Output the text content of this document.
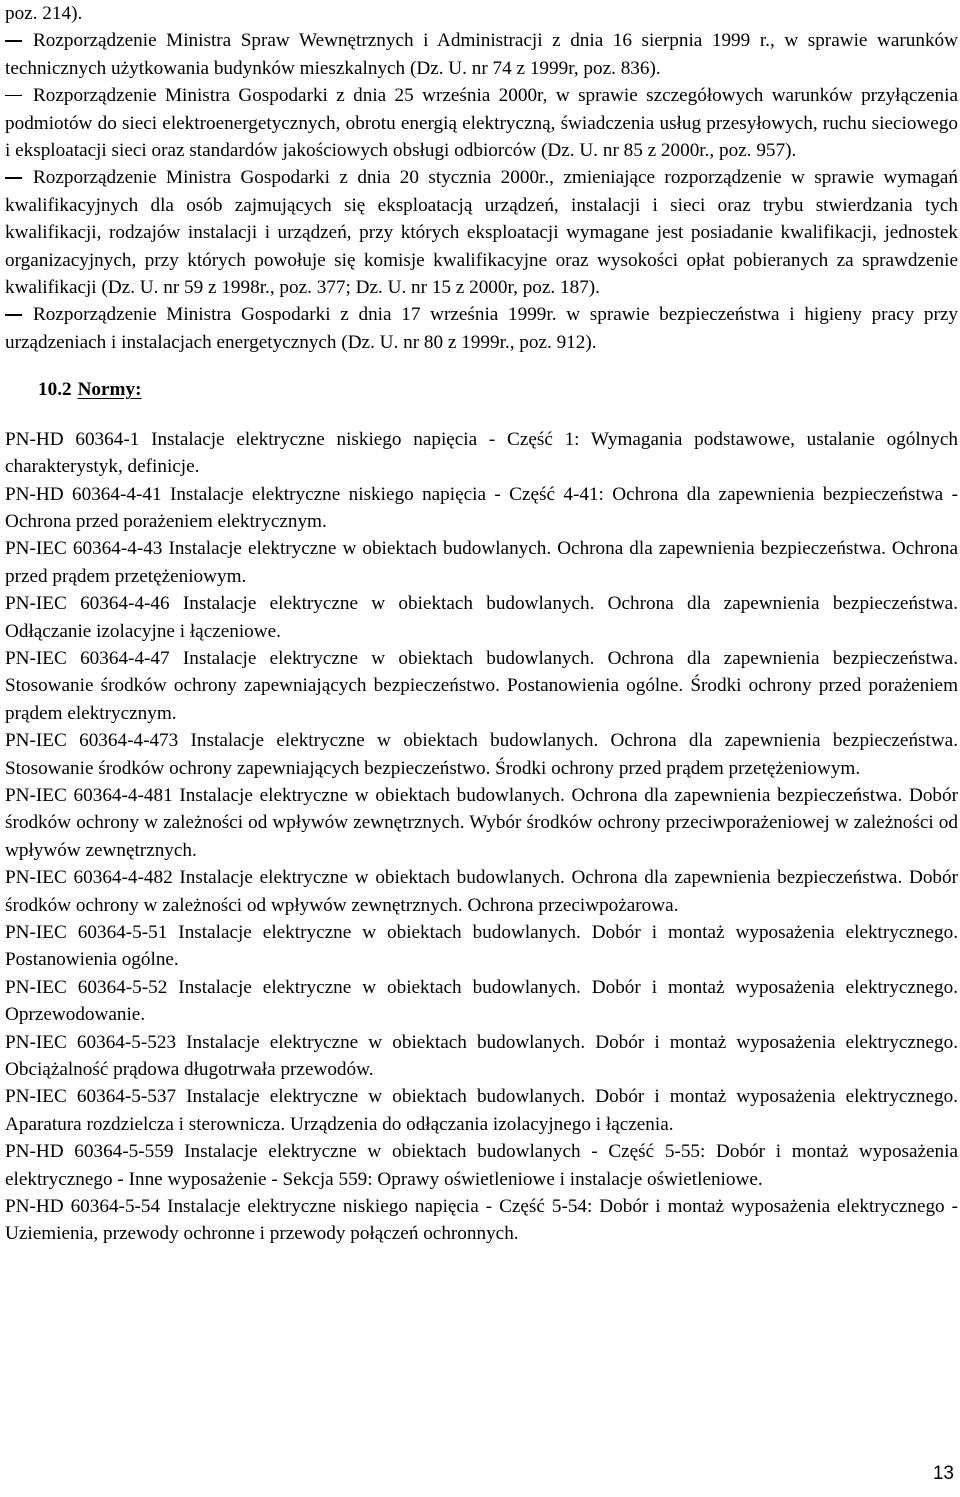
poz. 214).

Rozporządzenie Ministra Spraw Wewnętrznych i Administracji z dnia 16 sierpnia 1999 r., w sprawie warunków technicznych użytkowania budynków mieszkalnych (Dz. U. nr 74 z 1999r, poz. 836).
Rozporządzenie Ministra Gospodarki z dnia 25 września 2000r, w sprawie szczegółowych warunków przyłączenia podmiotów do sieci elektroenergetycznych, obrotu energią elektryczną, świadczenia usług przesyłowych, ruchu sieciowego i eksploatacji sieci oraz standardów jakościowych obsługi odbiorców (Dz. U. nr 85 z 2000r., poz. 957).
Rozporządzenie Ministra Gospodarki z dnia 20 stycznia 2000r., zmieniające rozporządzenie w sprawie wymagań kwalifikacyjnych dla osób zajmujących się eksploatacją urządzeń, instalacji i sieci oraz trybu stwierdzania tych kwalifikacji, rodzajów instalacji i urządzeń, przy których eksploatacji wymagane jest posiadanie kwalifikacji, jednostek organizacyjnych, przy których powołuje się komisje kwalifikacyjne oraz wysokości opłat pobieranych za sprawdzenie kwalifikacji (Dz. U. nr 59 z 1998r., poz. 377; Dz. U. nr 15 z 2000r, poz. 187).
Rozporządzenie Ministra Gospodarki z dnia 17 września 1999r. w sprawie bezpieczeństwa i higieny pracy przy urządzeniach i instalacjach energetycznych (Dz. U. nr 80 z 1999r., poz. 912).
10.2 Normy:

PN-HD 60364-1 Instalacje elektryczne niskiego napięcia - Część 1: Wymagania podstawowe, ustalanie ogólnych charakterystyk, definicje.

PN-HD 60364-4-41 Instalacje elektryczne niskiego napięcia - Część 4-41: Ochrona dla zapewnienia bezpieczeństwa - Ochrona przed porażeniem elektrycznym.

PN-IEC 60364-4-43 Instalacje elektryczne w obiektach budowlanych. Ochrona dla zapewnienia bezpieczeństwa. Ochrona przed prądem przetężeniowym.

PN-IEC 60364-4-46 Instalacje elektryczne w obiektach budowlanych. Ochrona dla zapewnienia bezpieczeństwa. Odłączanie izolacyjne i łączeniowe.

PN-IEC 60364-4-47 Instalacje elektryczne w obiektach budowlanych. Ochrona dla zapewnienia bezpieczeństwa. Stosowanie środków ochrony zapewniających bezpieczeństwo. Postanowienia ogólne. Środki ochrony przed porażeniem prądem elektrycznym.

PN-IEC 60364-4-473 Instalacje elektryczne w obiektach budowlanych. Ochrona dla zapewnienia bezpieczeństwa. Stosowanie środków ochrony zapewniających bezpieczeństwo. Środki ochrony przed prądem przetężeniowym.

PN-IEC 60364-4-481 Instalacje elektryczne w obiektach budowlanych. Ochrona dla zapewnienia bezpieczeństwa. Dobór środków ochrony w zależności od wpływów zewnętrznych. Wybór środków ochrony przeciwporażeniowej w zależności od wpływów zewnętrznych.

PN-IEC 60364-4-482 Instalacje elektryczne w obiektach budowlanych. Ochrona dla zapewnienia bezpieczeństwa. Dobór środków ochrony w zależności od wpływów zewnętrznych. Ochrona przeciwpożarowa.

PN-IEC 60364-5-51 Instalacje elektryczne w obiektach budowlanych. Dobór i montaż wyposażenia elektrycznego. Postanowienia ogólne.

PN-IEC 60364-5-52 Instalacje elektryczne w obiektach budowlanych. Dobór i montaż wyposażenia elektrycznego. Oprzewodowanie.

PN-IEC 60364-5-523 Instalacje elektryczne w obiektach budowlanych. Dobór i montaż wyposażenia elektrycznego. Obciążalność prądowa długotrwała przewodów.

PN-IEC 60364-5-537 Instalacje elektryczne w obiektach budowlanych. Dobór i montaż wyposażenia elektrycznego. Aparatura rozdzielcza i sterownicza. Urządzenia do odłączania izolacyjnego i łączenia.

PN-HD 60364-5-559 Instalacje elektryczne w obiektach budowlanych - Część 5-55: Dobór i montaż wyposażenia elektrycznego - Inne wyposażenie - Sekcja 559: Oprawy oświetleniowe i instalacje oświetleniowe.

PN-HD 60364-5-54 Instalacje elektryczne niskiego napięcia - Część 5-54: Dobór i montaż wyposażenia elektrycznego - Uziemienia, przewody ochronne i przewody połączeń ochronnych.

13
